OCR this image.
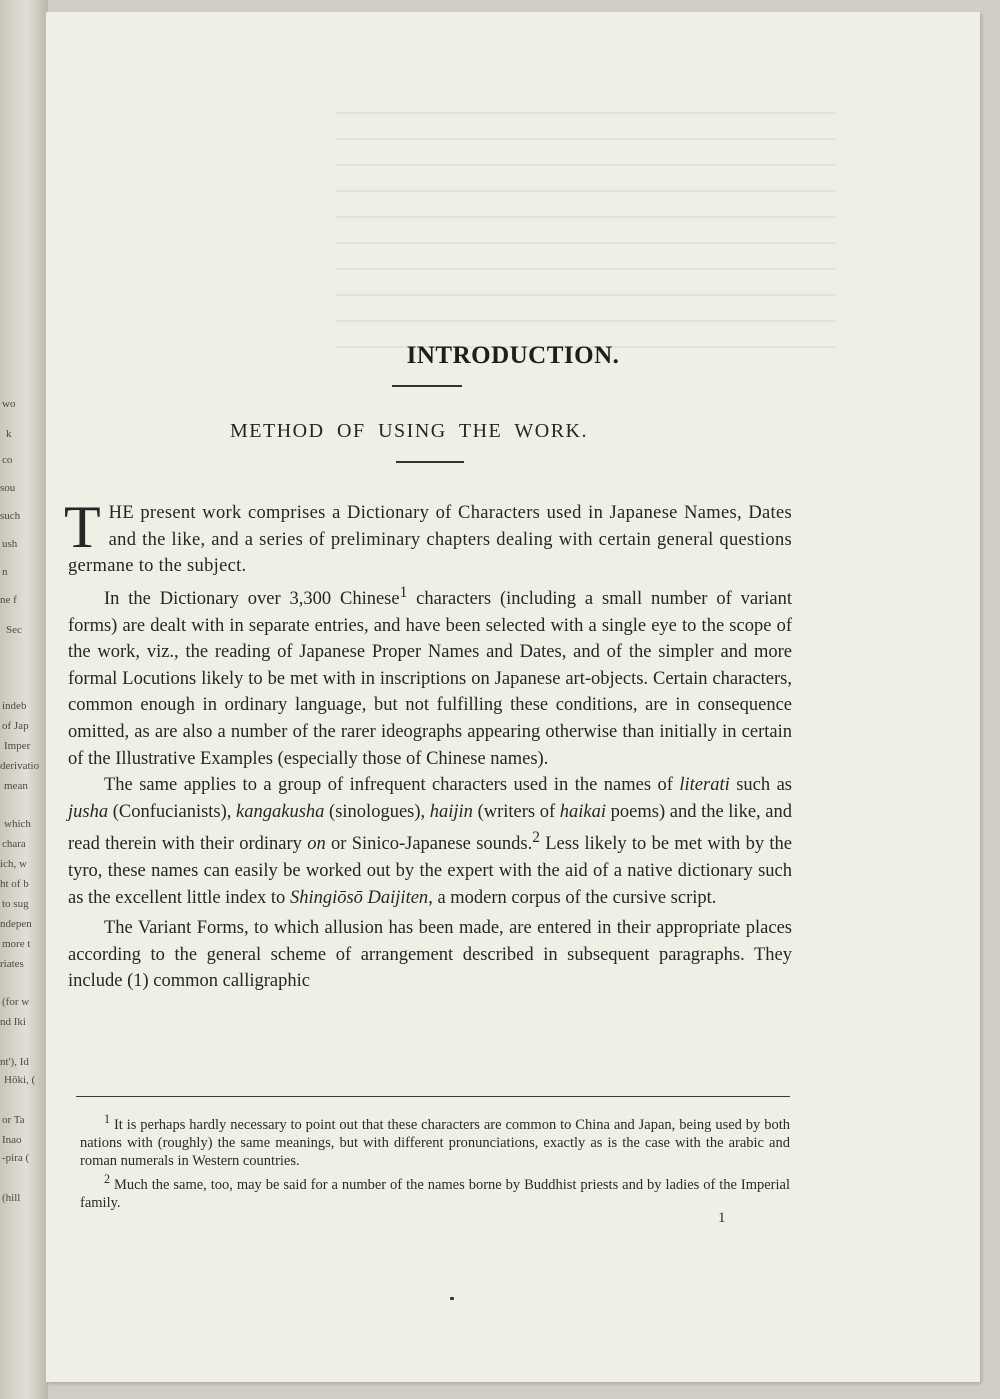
wo
k
co
sou
such
ush
n
ne f
Sec
indeb
of Jap
Imper
derivatio
mean
which
chara
ich, w
ht of b
to sug
ndepen
more t
riates
(for w
nd Iki
nt'), Id
Hōki, (
or Ta
Inao
-pira (
(hill
INTRODUCTION.
METHOD OF USING THE WORK.

THE present work comprises a Dictionary of Characters used in Japanese Names, Dates and the like, and a series of preliminary chapters dealing with certain general questions germane to the subject.

In the Dictionary over 3,300 Chinese$^1$ characters (including a small number of variant forms) are dealt with in separate entries, and have been selected with a single eye to the scope of the work, viz., the reading of Japanese Proper Names and Dates, and of the simpler and more formal Locutions likely to be met with in inscriptions on Japanese art-objects. Certain characters, common enough in ordinary language, but not fulfilling these conditions, are in consequence omitted, as are also a number of the rarer ideographs appearing otherwise than initially in certain of the Illustrative Examples (especially those of Chinese names).

The same applies to a group of infrequent characters used in the names of literati such as jusha (Confucianists), kangakusha (sinologues), haijin (writers of haikai poems) and the like, and read therein with their ordinary on or Sinico-Japanese sounds.$^2$ Less likely to be met with by the tyro, these names can easily be worked out by the expert with the aid of a native dictionary such as the excellent little index to Shingiōsō Daijiten, a modern corpus of the cursive script.

The Variant Forms, to which allusion has been made, are entered in their appropriate places according to the general scheme of arrangement described in subsequent paragraphs. They include (1) common calligraphic

$^1$ It is perhaps hardly necessary to point out that these characters are common to China and Japan, being used by both nations with (roughly) the same meanings, but with different pronunciations, exactly as is the case with the arabic and roman numerals in Western countries.

$^2$ Much the same, too, may be said for a number of the names borne by Buddhist priests and by ladies of the Imperial family.

1
